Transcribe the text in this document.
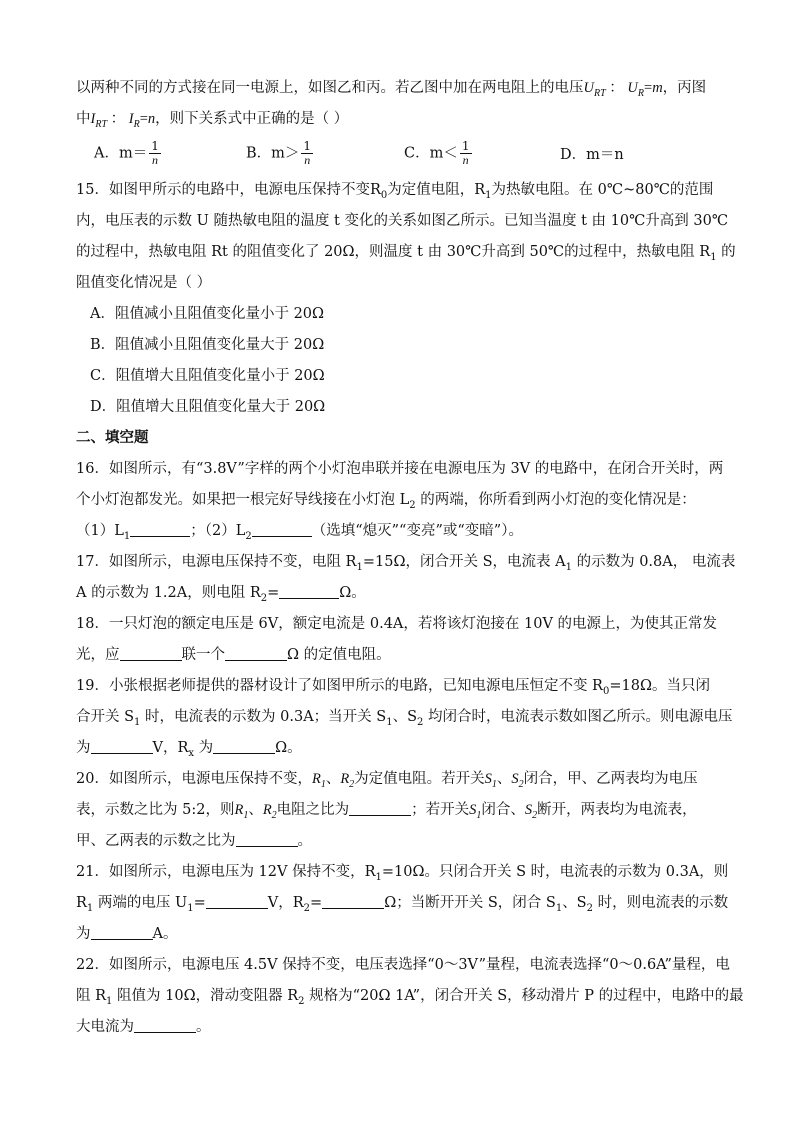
以两种不同的方式接在同一电源上，如图乙和丙。若乙图中加在两电阻上的电压$U_{RT}$ ： $U_R=m$，丙图
中$I_{RT}$ ： $I_R=n$，则下关系式中正确的是（ ）
A．$m= \frac{1}{n}$	B．$m> \frac{1}{n}$	C．$m< \frac{1}{n}$	D．m＝n
15．如图甲所示的电路中，电源电压保持不变$R_0$为定值电阻，$R_1$为热敏电阻。在 0℃~80℃的范围
内，电压表的示数 U 随热敏电阻的温度 t 变化的关系如图乙所示。已知当温度 t 由 10℃升高到 30℃
的过程中，热敏电阻 Rt 的阻值变化了 20Ω，则温度 t 由 30℃升高到 50℃的过程中，热敏电阻 $R_1$ 的
阻值变化情况是（ ）
A．阻值减小且阻值变化量小于 20Ω
B．阻值减小且阻值变化量大于 20Ω
C．阻值增大且阻值变化量小于 20Ω
D．阻值增大且阻值变化量大于 20Ω
二、填空题
16．如图所示，有“3.8V”字样的两个小灯泡串联并接在电源电压为 3V 的电路中，在闭合开关时，两
个小灯泡都发光。如果把一根完好导线接在小灯泡 $L_2$ 的两端，你所看到两小灯泡的变化情况是：
$(1)L_1$	；$(2)L_2$	（选填“熄灭”“变亮”或“变暗”）。
17．如图所示，电源电压保持不变，电阻 $R_1=15\Omega$，闭合开关 S，电流表 $A_1$ 的示数为 0.8A， 电流表
A 的示数为 1.2A，则电阻 $R_2=$	Ω。
18．一只灯泡的额定电压是 6V，额定电流是 0.4A，若将该灯泡接在 10V 的电源上，为使其正常发
光，应	联一个	Ω 的定值电阻。
19．小张根据老师提供的器材设计了如图甲所示的电路，已知电源电压恒定不变 $R_0=18\Omega$。当只闭
合开关 $S_1$ 时，电流表的示数为 0.3A；当开关 $S_1$、$S_2$ 均闭合时，电流表示数如图乙所示。则电源电压
为	V，$R_x$ 为	Ω。
20．如图所示，电源电压保持不变，$R_1$、$R_2$为定值电阻。若开关$S_1$、$S_2$闭合，甲、乙两表均为电压
表，示数之比为 5:2，则$R_1$、$R_2$电阻之比为	；若开关$S_1$闭合、$S_2$断开，两表均为电流表，
甲、乙两表的示数之比为	。
21．如图所示，电源电压为 12V 保持不变，$R_1=10\Omega$。只闭合开关 S 时，电流表的示数为 0.3A，则
$R_1$ 两端的电压 $U_1=$	V，$R_2=$	Ω；当断开开关 S，闭合 $S_1$、$S_2$ 时，则电流表的示数
为	A。
22．如图所示，电源电压 4.5V 保持不变，电压表选择“0～3V”量程，电流表选择“0～0.6A”量程，电
阻 $R_1$ 阻值为 10Ω，滑动变阻器 $R_2$ 规格为“20Ω 1A”，闭合开关 S，移动滑片 P 的过程中，电路中的最
大电流为	。
